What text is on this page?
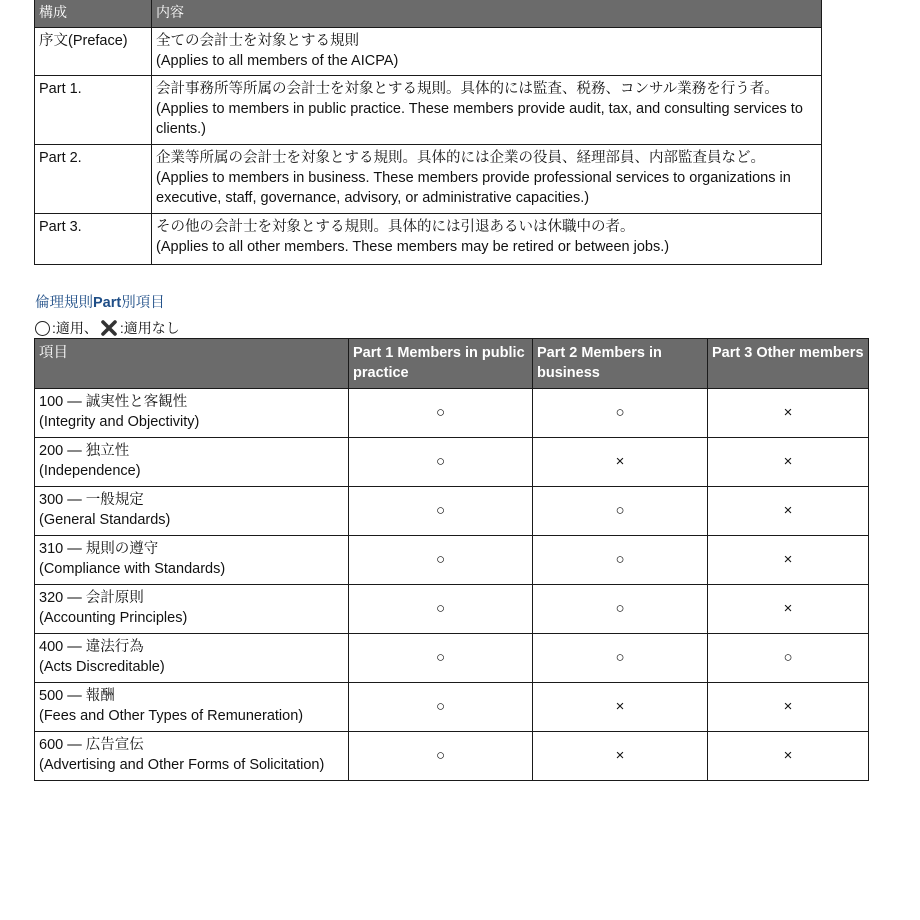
構成	内容
序文(Preface)	全ての会計士を対象とする規則
(Applies to all members of the AICPA)

Part 1.	会計事務所等所属の会計士を対象とする規則。具体的には監査、税務、コンサル業務を行う者。
(Applies to members in public practice. These members provide audit, tax, and consulting services to clients.)

Part 2.	企業等所属の会計士を対象とする規則。具体的には企業の役員、経理部員、内部監査員など。
(Applies to members in business. These members provide professional services to organizations in executive, staff, governance, advisory, or administrative capacities.)

Part 3.	その他の会計士を対象とする規則。具体的には引退あるいは休職中の者。
(Applies to all other members. These members may be retired or between jobs.)
倫理規則Part別項目
:適用、 :適用なし
項目	Part 1 Members in public practice	Part 2 Members in business	Part 3 Other members

100 — 誠実性と客観性
(Integrity and Objectivity)	○	○	×

200 — 独立性
(Independence)	○	×	×

300 — 一般規定
(General Standards)	○	○	×

310 — 規則の遵守
(Compliance with Standards)	○	○	×

320 — 会計原則
(Accounting Principles)	○	○	×

400 — 違法行為
(Acts Discreditable)	○	○	○

500 — 報酬
(Fees and Other Types of Remuneration)	○	×	×

600 — 広告宣伝
(Advertising and Other Forms of Solicitation)	○	×	×
